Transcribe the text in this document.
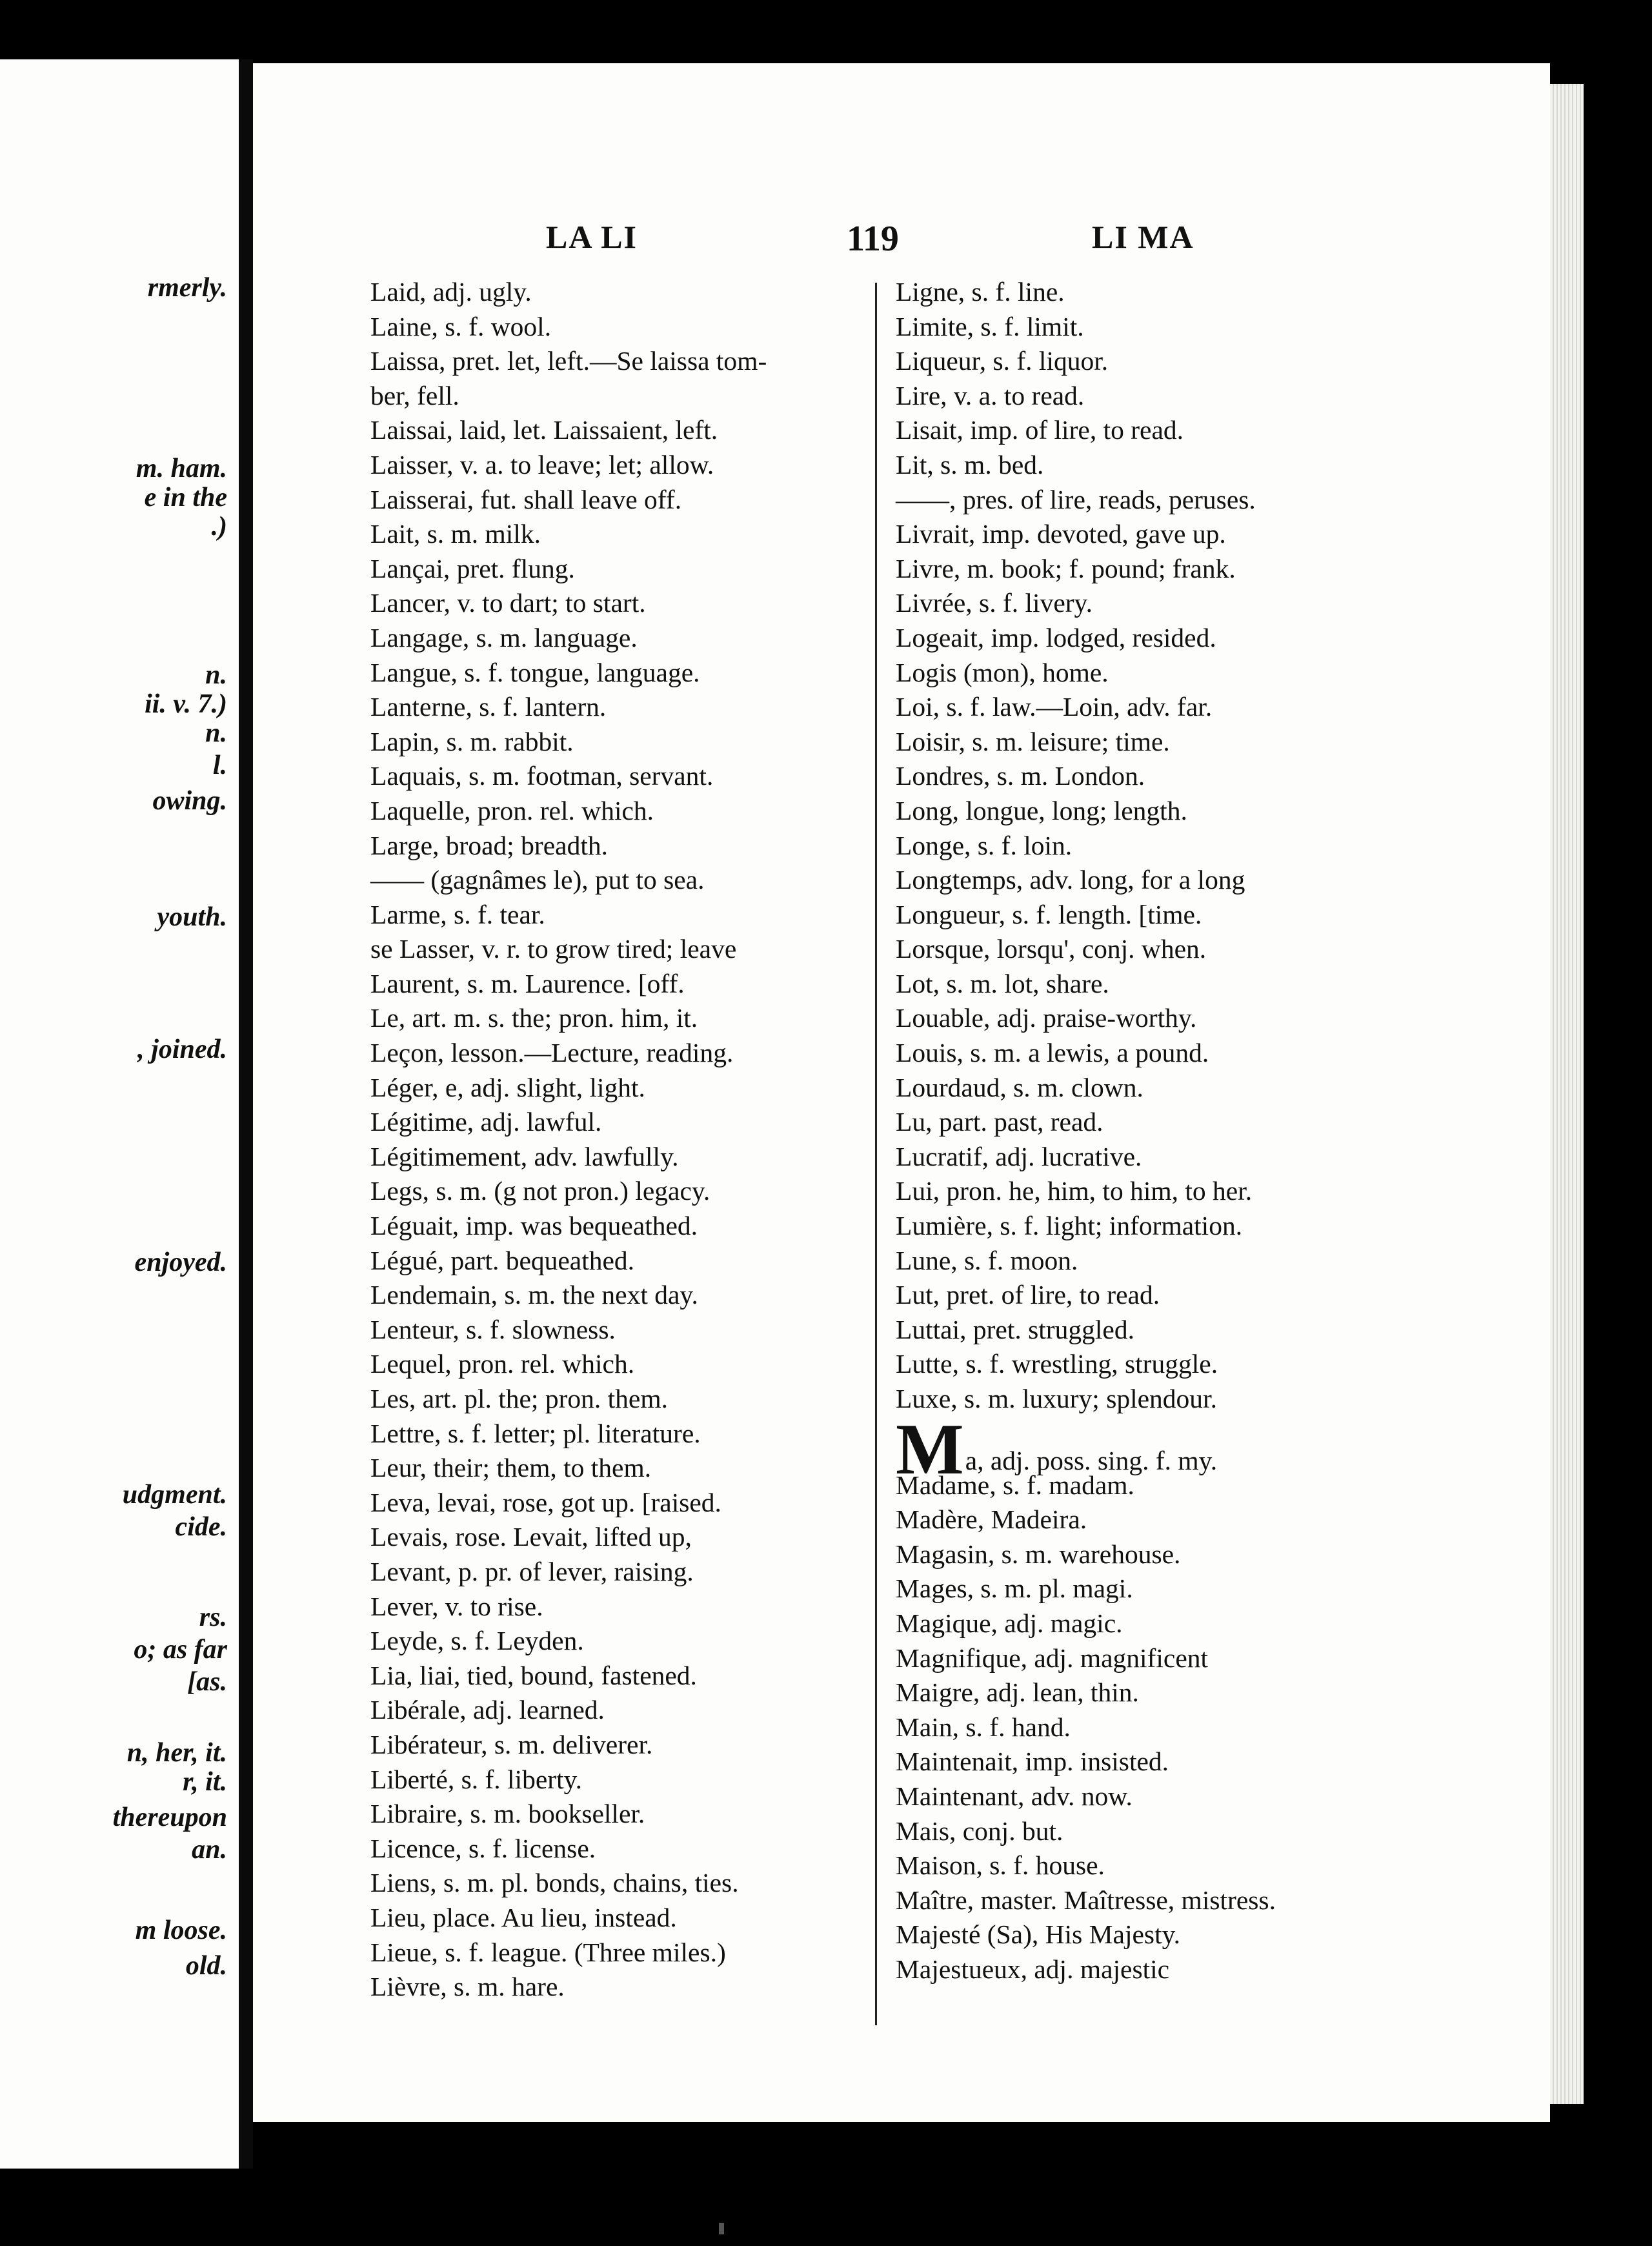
rmerly.
m. ham.
e in the
.)
n.
ii. v. 7.)
n.
l.
owing.
youth.
, joined.
enjoyed.
udgment.
cide.
rs.
o; as far
[as.
n, her, it.
r, it.
thereupon
an.
m loose.
old.
LA LI	119	LI MA
Laid, adj. ugly.
Laine, s. f. wool.
Laissa, pret. let, left.—Se laissa tom-
ber, fell.
Laissai, laid, let. Laissaient, left.
Laisser, v. a. to leave; let; allow.
Laisserai, fut. shall leave off.
Lait, s. m. milk.
Lançai, pret. flung.
Lancer, v. to dart; to start.
Langage, s. m. language.
Langue, s. f. tongue, language.
Lanterne, s. f. lantern.
Lapin, s. m. rabbit.
Laquais, s. m. footman, servant.
Laquelle, pron. rel. which.
Large, broad; breadth.
—— (gagnâmes le), put to sea.
Larme, s. f. tear.
se Lasser, v. r. to grow tired; leave
Laurent, s. m. Laurence. [off.
Le, art. m. s. the; pron. him, it.
Leçon, lesson.—Lecture, reading.
Léger, e, adj. slight, light.
Légitime, adj. lawful.
Légitimement, adv. lawfully.
Legs, s. m. (g not pron.) legacy.
Léguait, imp. was bequeathed.
Légué, part. bequeathed.
Lendemain, s. m. the next day.
Lenteur, s. f. slowness.
Lequel, pron. rel. which.
Les, art. pl. the; pron. them.
Lettre, s. f. letter; pl. literature.
Leur, their; them, to them.
Leva, levai, rose, got up. [raised.
Levais, rose. Levait, lifted up,
Levant, p. pr. of lever, raising.
Lever, v. to rise.
Leyde, s. f. Leyden.
Lia, liai, tied, bound, fastened.
Libérale, adj. learned.
Libérateur, s. m. deliverer.
Liberté, s. f. liberty.
Libraire, s. m. bookseller.
Licence, s. f. license.
Liens, s. m. pl. bonds, chains, ties.
Lieu, place. Au lieu, instead.
Lieue, s. f. league. (Three miles.)
Lièvre, s. m. hare.
Ligne, s. f. line.
Limite, s. f. limit.
Liqueur, s. f. liquor.
Lire, v. a. to read.
Lisait, imp. of lire, to read.
Lit, s. m. bed.
——, pres. of lire, reads, peruses.
Livrait, imp. devoted, gave up.
Livre, m. book; f. pound; frank.
Livrée, s. f. livery.
Logeait, imp. lodged, resided.
Logis (mon), home.
Loi, s. f. law.—Loin, adv. far.
Loisir, s. m. leisure; time.
Londres, s. m. London.
Long, longue, long; length.
Longe, s. f. loin.
Longtemps, adv. long, for a long
Longueur, s. f. length. [time.
Lorsque, lorsqu', conj. when.
Lot, s. m. lot, share.
Louable, adj. praise-worthy.
Louis, s. m. a lewis, a pound.
Lourdaud, s. m. clown.
Lu, part. past, read.
Lucratif, adj. lucrative.
Lui, pron. he, him, to him, to her.
Lumière, s. f. light; information.
Lune, s. f. moon.
Lut, pret. of lire, to read.
Luttai, pret. struggled.
Lutte, s. f. wrestling, struggle.
Luxe, s. m. luxury; splendour.
Ma, adj. poss. sing. f. my.
Madame, s. f. madam.
Madère, Madeira.
Magasin, s. m. warehouse.
Mages, s. m. pl. magi.
Magique, adj. magic.
Magnifique, adj. magnificent
Maigre, adj. lean, thin.
Main, s. f. hand.
Maintenait, imp. insisted.
Maintenant, adv. now.
Mais, conj. but.
Maison, s. f. house.
Maître, master. Maîtresse, mistress.
Majesté (Sa), His Majesty.
Majestueux, adj. majestic
